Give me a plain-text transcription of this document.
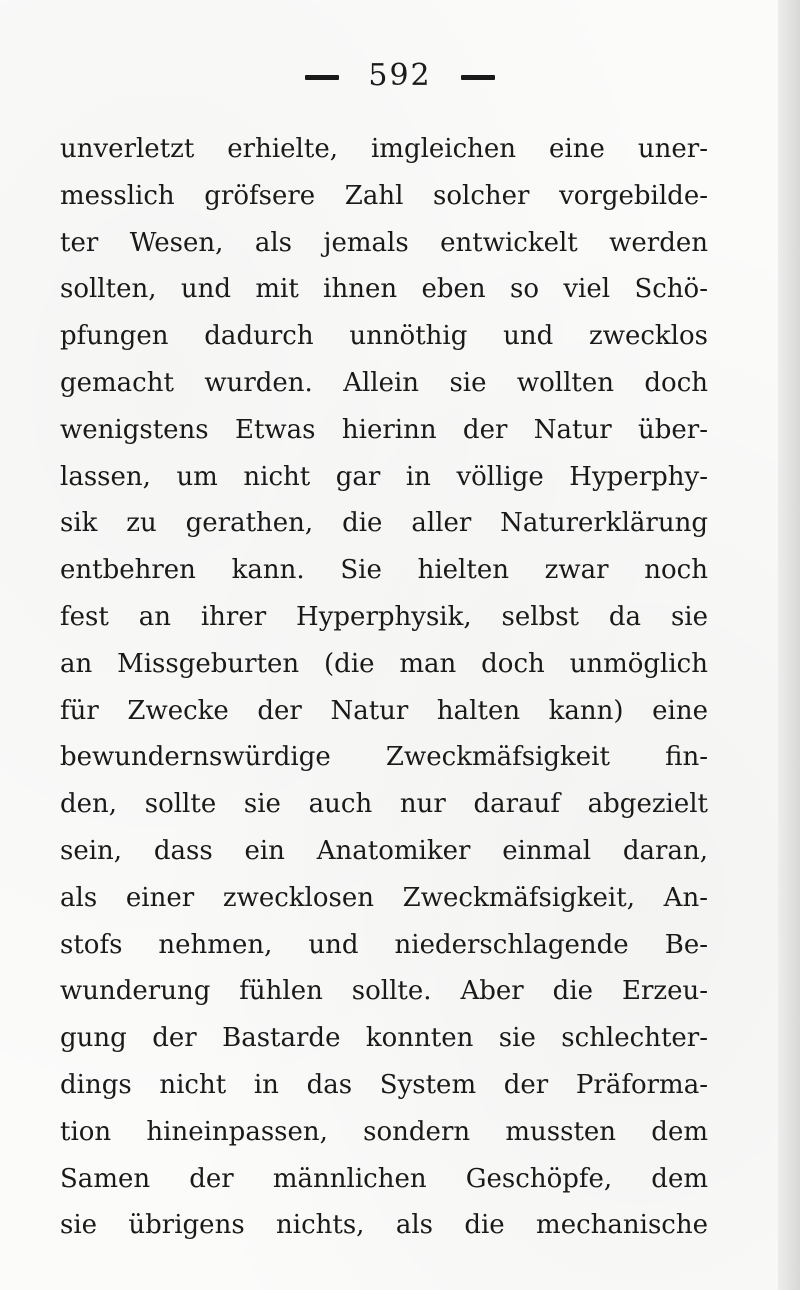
592
unverletzt erhielte, imgleichen eine uner-
messlich gröfsere Zahl solcher vorgebilde-
ter Wesen, als jemals entwickelt werden
sollten, und mit ihnen eben so viel Schö-
pfungen dadurch unnöthig und zwecklos
gemacht wurden. Allein sie wollten doch
wenigstens Etwas hierinn der Natur über-
lassen, um nicht gar in völlige Hyperphy-
sik zu gerathen, die aller Naturerklärung
entbehren kann. Sie hielten zwar noch
fest an ihrer Hyperphysik, selbst da sie
an Missgeburten (die man doch unmöglich
für Zwecke der Natur halten kann) eine
bewundernswürdige Zweckmäfsigkeit fin-
den, sollte sie auch nur darauf abgezielt
sein, dass ein Anatomiker einmal daran,
als einer zwecklosen Zweckmäfsigkeit, An-
stofs nehmen, und niederschlagende Be-
wunderung fühlen sollte. Aber die Erzeu-
gung der Bastarde konnten sie schlechter-
dings nicht in das System der Präforma-
tion hineinpassen, sondern mussten dem
Samen der männlichen Geschöpfe, dem
sie übrigens nichts, als die mechanische
